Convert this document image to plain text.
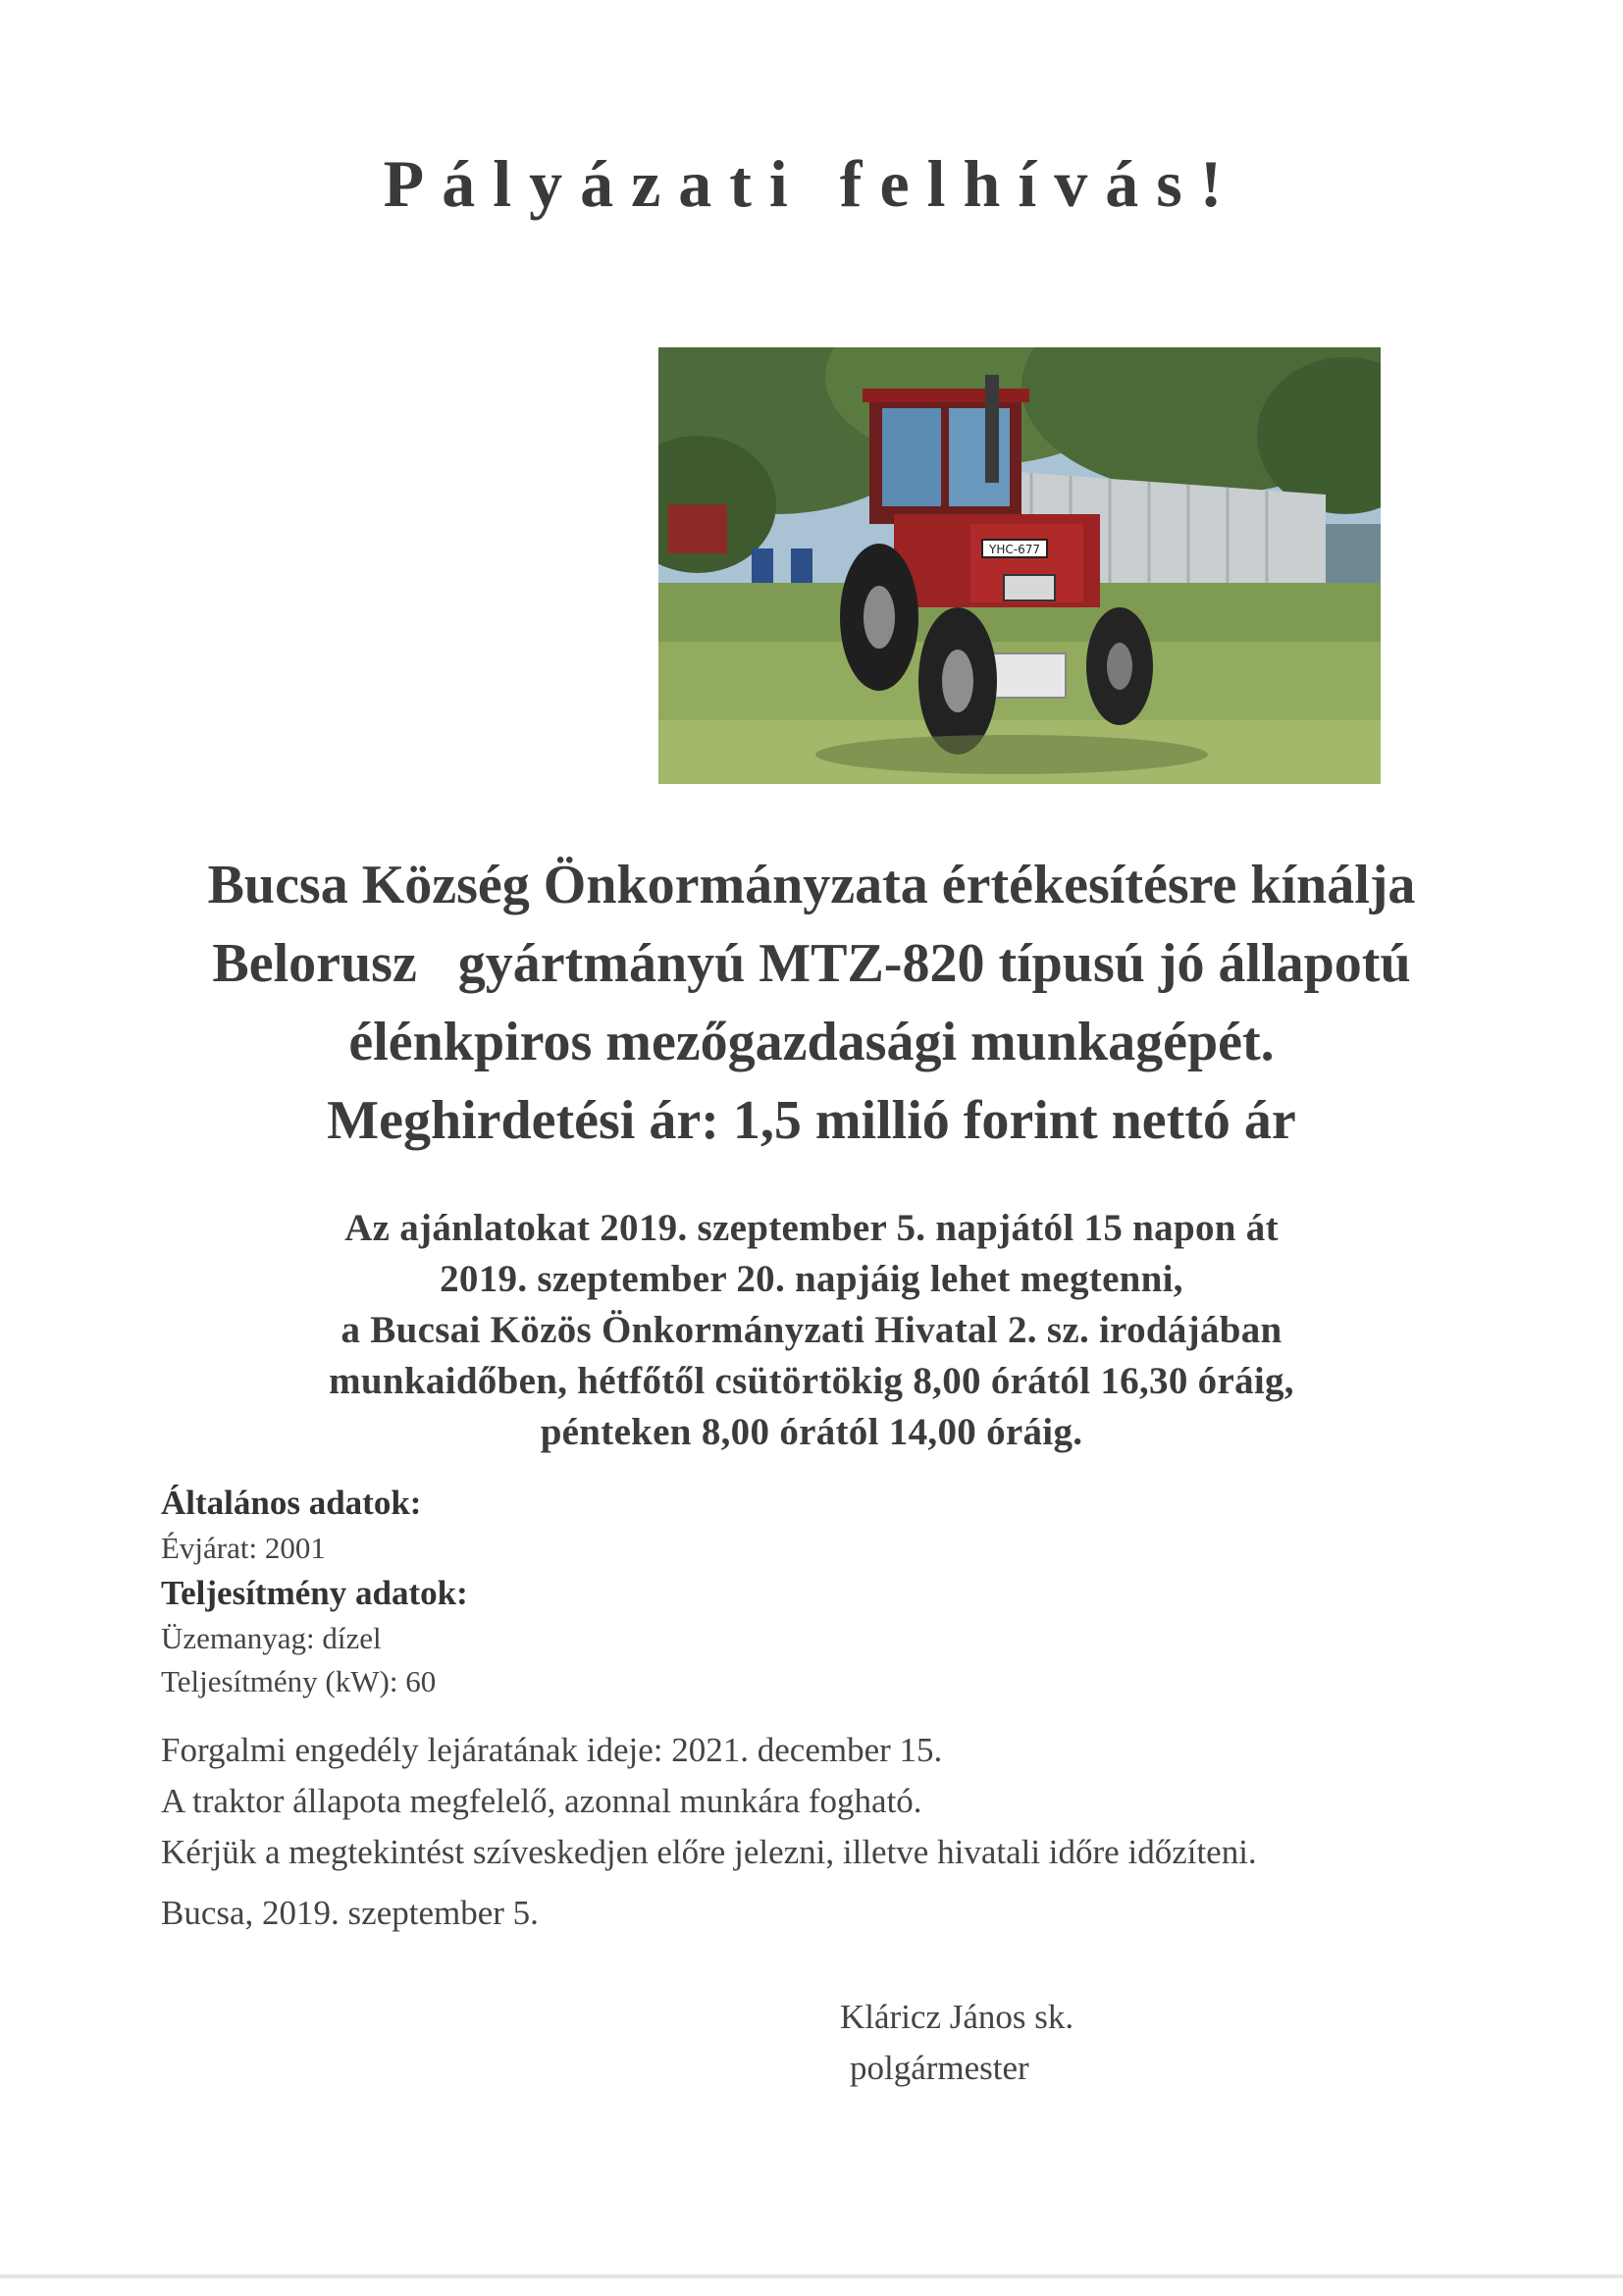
Pályázati felhívás!
YHC-677
Bucsa Község Önkormányzata értékesítésre kínálja
Belorusz   gyártmányú MTZ-820 típusú jó állapotú
élénkpiros mezőgazdasági munkagépét.
Meghirdetési ár: 1,5 millió forint nettó ár
Az ajánlatokat 2019. szeptember 5. napjától 15 napon át
2019. szeptember 20. napjáig lehet megtenni,
a Bucsai Közös Önkormányzati Hivatal 2. sz. irodájában
munkaidőben, hétfőtől csütörtökig 8,00 órától 16,30 óráig,
pénteken 8,00 órától 14,00 óráig.
Általános adatok:
Évjárat: 2001
Teljesítmény adatok:
Üzemanyag: dízel
Teljesítmény (kW): 60
Forgalmi engedély lejáratának ideje: 2021. december 15.
A traktor állapota megfelelő, azonnal munkára fogható.
Kérjük a megtekintést szíveskedjen előre jelezni, illetve hivatali időre időzíteni.
Bucsa, 2019. szeptember 5.
Kláricz János sk.
polgármester
